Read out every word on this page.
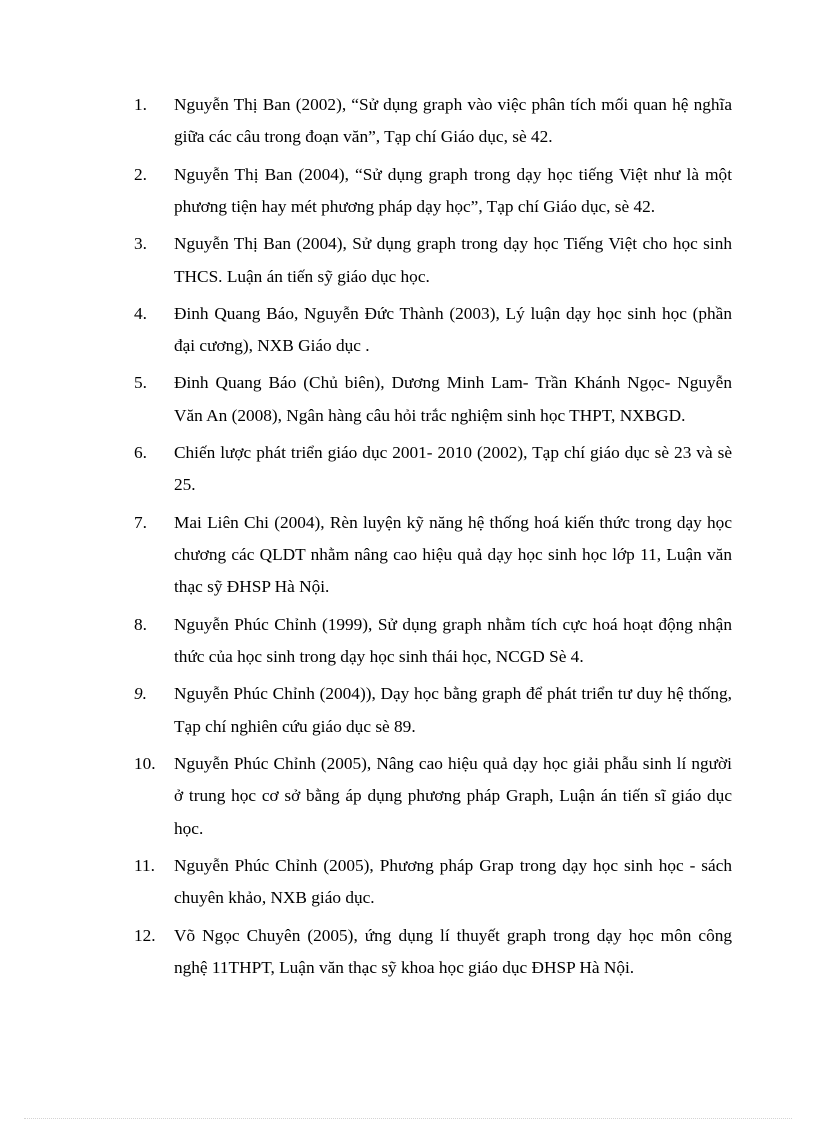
1.	Nguyễn Thị Ban (2002), “Sử dụng graph vào việc phân tích mối quan hệ nghĩa giữa các câu trong đoạn văn”, Tạp chí Giáo dục, sè 42.

2.	Nguyễn Thị Ban (2004), “Sử dụng graph trong dạy học tiếng Việt như là một phương tiện hay mét phương pháp dạy học”, Tạp chí Giáo dục, sè 42.

3.	Nguyễn Thị Ban (2004), Sử dụng graph trong dạy học Tiếng Việt cho học sinh THCS. Luận án tiến sỹ giáo dục học.

4.	Đinh Quang Báo, Nguyễn Đức Thành (2003), Lý luận dạy học sinh học (phần đại cương), NXB Giáo dục .

5.	Đinh Quang Báo (Chủ biên), Dương Minh Lam- Trần Khánh Ngọc- Nguyễn Văn An (2008), Ngân hàng câu hỏi trắc nghiệm sinh học THPT, NXBGD.

6.	Chiến lược phát triển giáo dục 2001- 2010 (2002), Tạp chí giáo dục sè 23 và sè 25.

7.	Mai Liên Chi (2004), Rèn luyện kỹ năng hệ thống hoá kiến thức trong dạy học chương các QLDT nhằm nâng cao hiệu quả dạy học sinh học lớp 11, Luận văn thạc sỹ ĐHSP Hà Nội.

8.	Nguyễn Phúc Chỉnh (1999), Sử dụng graph nhằm tích cực hoá hoạt động nhận thức của học sinh trong dạy học sinh thái học, NCGD Sè 4.

9.	Nguyễn Phúc Chỉnh (2004)), Dạy học bằng graph để phát triển tư duy hệ thống, Tạp chí nghiên cứu giáo dục sè 89.

10.	Nguyễn Phúc Chỉnh (2005), Nâng cao hiệu quả dạy học giải phẫu sinh lí người ở trung học cơ sở bằng áp dụng phương pháp Graph, Luận án tiến sĩ giáo dục học.

11.	Nguyễn Phúc Chỉnh (2005), Phương pháp Grap trong dạy học sinh học - sách chuyên khảo, NXB giáo dục.

12.	Võ Ngọc Chuyên (2005), ứng dụng lí thuyết graph trong dạy học môn công nghệ 11THPT, Luận văn thạc sỹ khoa học giáo dục ĐHSP Hà Nội.
